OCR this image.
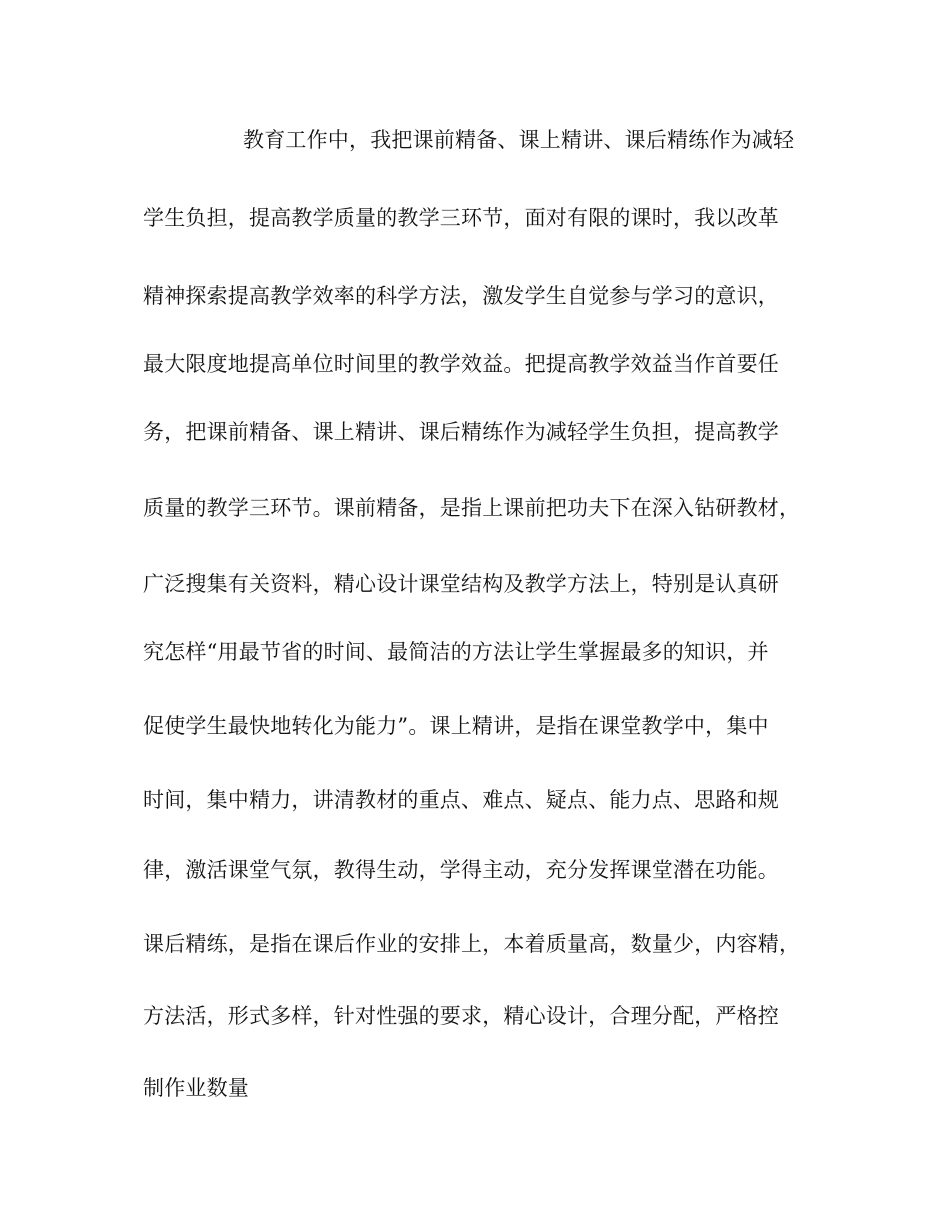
教育工作中，我把课前精备、课上精讲、课后精练作为减轻
学生负担，提高教学质量的教学三环节，面对有限的课时，我以改革
精神探索提高教学效率的科学方法，激发学生自觉参与学习的意识，
最大限度地提高单位时间里的教学效益。把提高教学效益当作首要任
务，把课前精备、课上精讲、课后精练作为减轻学生负担，提高教学
质量的教学三环节。课前精备，是指上课前把功夫下在深入钻研教材，
广泛搜集有关资料，精心设计课堂结构及教学方法上，特别是认真研
究怎样“用最节省的时间、最简洁的方法让学生掌握最多的知识，并
促使学生最快地转化为能力”。课上精讲，是指在课堂教学中，集中
时间，集中精力，讲清教材的重点、难点、疑点、能力点、思路和规
律，激活课堂气氛，教得生动，学得主动，充分发挥课堂潜在功能。
课后精练，是指在课后作业的安排上，本着质量高，数量少，内容精，
方法活，形式多样，针对性强的要求，精心设计，合理分配，严格控
制作业数量
